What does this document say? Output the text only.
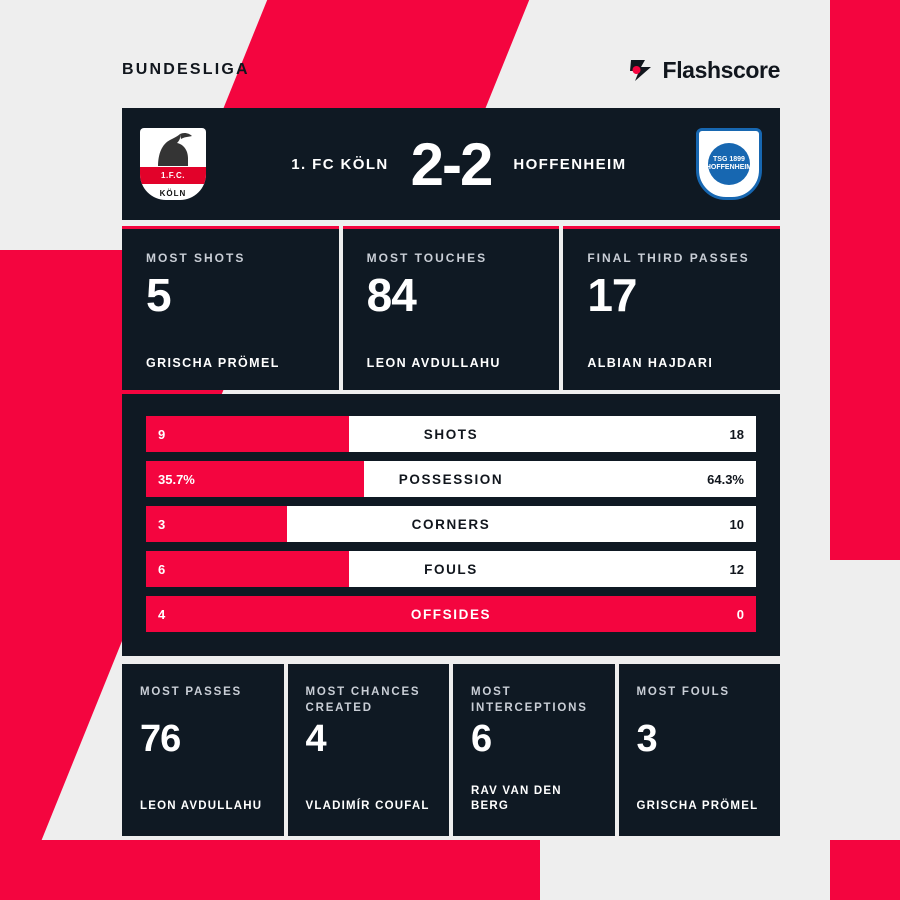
BUNDESLIGA	Flashscore
1.F.C.
KÖLN
1. FC KÖLN 2-2 HOFFENHEIM	TSG 1899 HOFFENHEIM
MOST SHOTS
5
GRISCHA PRÖMEL
MOST TOUCHES
84
LEON AVDULLAHU
FINAL THIRD PASSES
17
ALBIAN HAJDARI
9	18
SHOTS
35.7%	64.3%
POSSESSION
3	10
CORNERS
6	12
FOULS
4	0
OFFSIDES
MOST PASSES
76
LEON AVDULLAHU
MOST CHANCES CREATED
4
VLADIMÍR COUFAL
MOST INTERCEPTIONS
6
RAV VAN DEN BERG
MOST FOULS
3
GRISCHA PRÖMEL
